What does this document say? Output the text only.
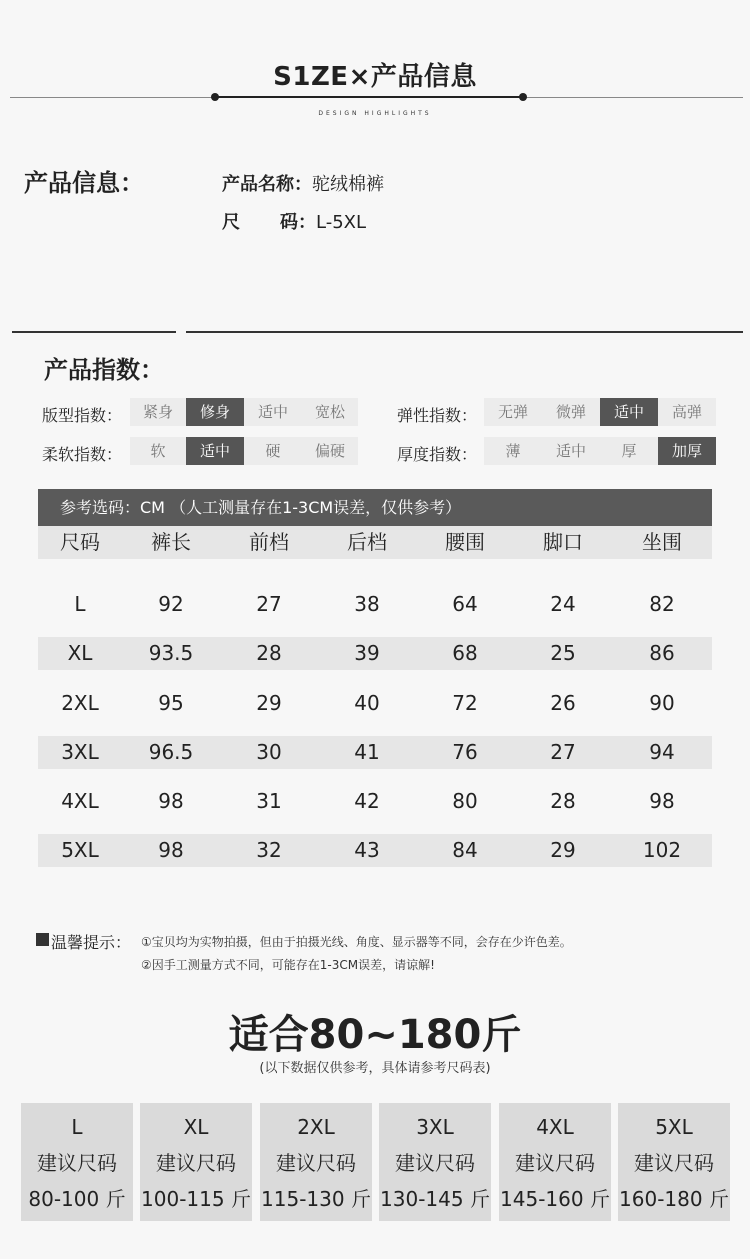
S1ZE×产品信息
DESIGN HIGHLIGHTS
产品信息：	产品名称：驼绒棉裤
尺 码：L-5XL
产品指数：
版型指数：	紧身	修身	适中	宽松	弹性指数：	无弹	微弹	适中	高弹
柔软指数：	软	适中	硬	偏硬	厚度指数：	薄	适中	厚	加厚
参考选码：CM （人工测量存在1-3CM误差，仅供参考）
尺码	裤长	前档	后档	腰围	脚口	坐围
L	92	27	38	64	24	82
XL	93.5	28	39	68	25	86
2XL	95	29	40	72	26	90
3XL	96.5	30	41	76	27	94
4XL	98	31	42	80	28	98
5XL	98	32	43	84	29	102
温馨提示： ①宝贝均为实物拍摄，但由于拍摄光线、角度、显示器等不同，会存在少许色差。
②因手工测量方式不同，可能存在1-3CM误差，请谅解!
适合80~180斤
(以下数据仅供参考，具体请参考尺码表)
L
建议尺码
80-100 斤
XL
建议尺码
100-115 斤
2XL
建议尺码
115-130 斤
3XL
建议尺码
130-145 斤
4XL
建议尺码
145-160 斤
5XL
建议尺码
160-180 斤
